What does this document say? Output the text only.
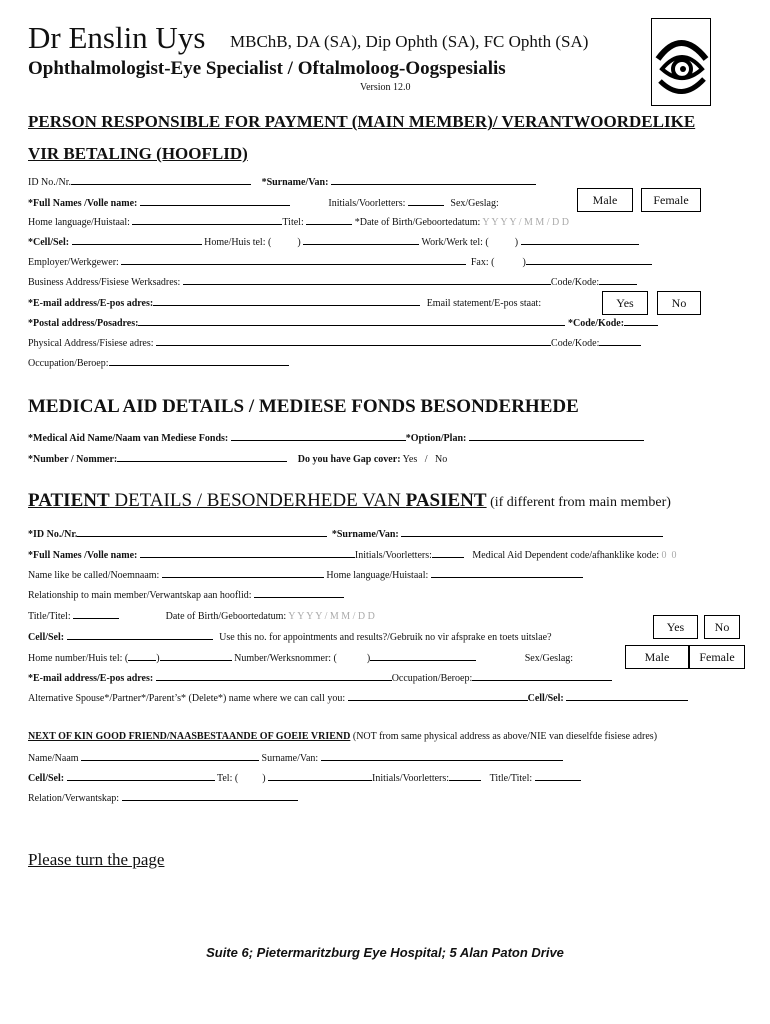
Dr Enslin Uys MBChB, DA (SA), Dip Ophth (SA), FC Ophth (SA)
Ophthalmologist-Eye Specialist / Oftalmoloog-Oogspesialis
Version 12.0
PERSON RESPONSIBLE FOR PAYMENT (MAIN MEMBER)/ VERANTWOORDELIKE
VIR BETALING (HOOFLID)
ID No./Nr.	*Surname/Van:
*Full Names /Volle name:	Initials/Voorletters:	Sex/Geslag:	Male	Female
Home language/Huistaal:	Titel:	*Date of Birth/Geboortedatum: Y Y Y Y / M M / D D
*Cell/Sel:	Home/Huis tel: (	)	Work/Werk tel: (	)
Employer/Werkgewer:	Fax: (	)
Business Address/Fisiese Werksadres:	Code/Kode:
*E-mail address/E-pos adres:	Email statement/E-pos staat:	Yes	No
*Postal address/Posadres:	*Code/Kode:
Physical Address/Fisiese adres:	Code/Kode:
Occupation/Beroep:
MEDICAL AID DETAILS / MEDIESE FONDS BESONDERHEDE
*Medical Aid Name/Naam van Mediese Fonds:	*Option/Plan:
*Number / Nommer:	Do you have Gap cover: Yes   /   No
PATIENT DETAILS / BESONDERHEDE VAN PASIENT (if different from main member)
*ID No./Nr.	*Surname/Van:
*Full Names /Volle name:	Initials/Voorletters:	Medical Aid Dependent code/afhanklike kode: 0  0
Name like be called/Noemnaam:	Home language/Huistaal:
Relationship to main member/Verwantskap aan hooflid:
Title/Titel:	Date of Birth/Geboortedatum: Y Y Y Y / M M / D D
Yes	No
Cell/Sel:	Use this no. for appointments and results?/Gebruik no vir afsprake en toets uitslae?
Home number/Huis tel: (	)	Number/Werksnommer: (	)	Sex/Geslag:	Male	Female
*E-mail address/E-pos adres:	Occupation/Beroep:
Alternative Spouse*/Partner*/Parent’s* (Delete*) name where we can call you:	Cell/Sel:
NEXT OF KIN GOOD FRIEND/NAASBESTAANDE OF GOEIE VRIEND (NOT from same physical address as above/NIE van dieselfde fisiese adres)
Name/Naam	Surname/Van:
Cell/Sel:	Tel: ( )	Initials/Voorletters:	Title/Titel:
Relation/Verwantskap:
Please turn the page
Suite 6; Pietermaritzburg Eye Hospital; 5 Alan Paton Drive
